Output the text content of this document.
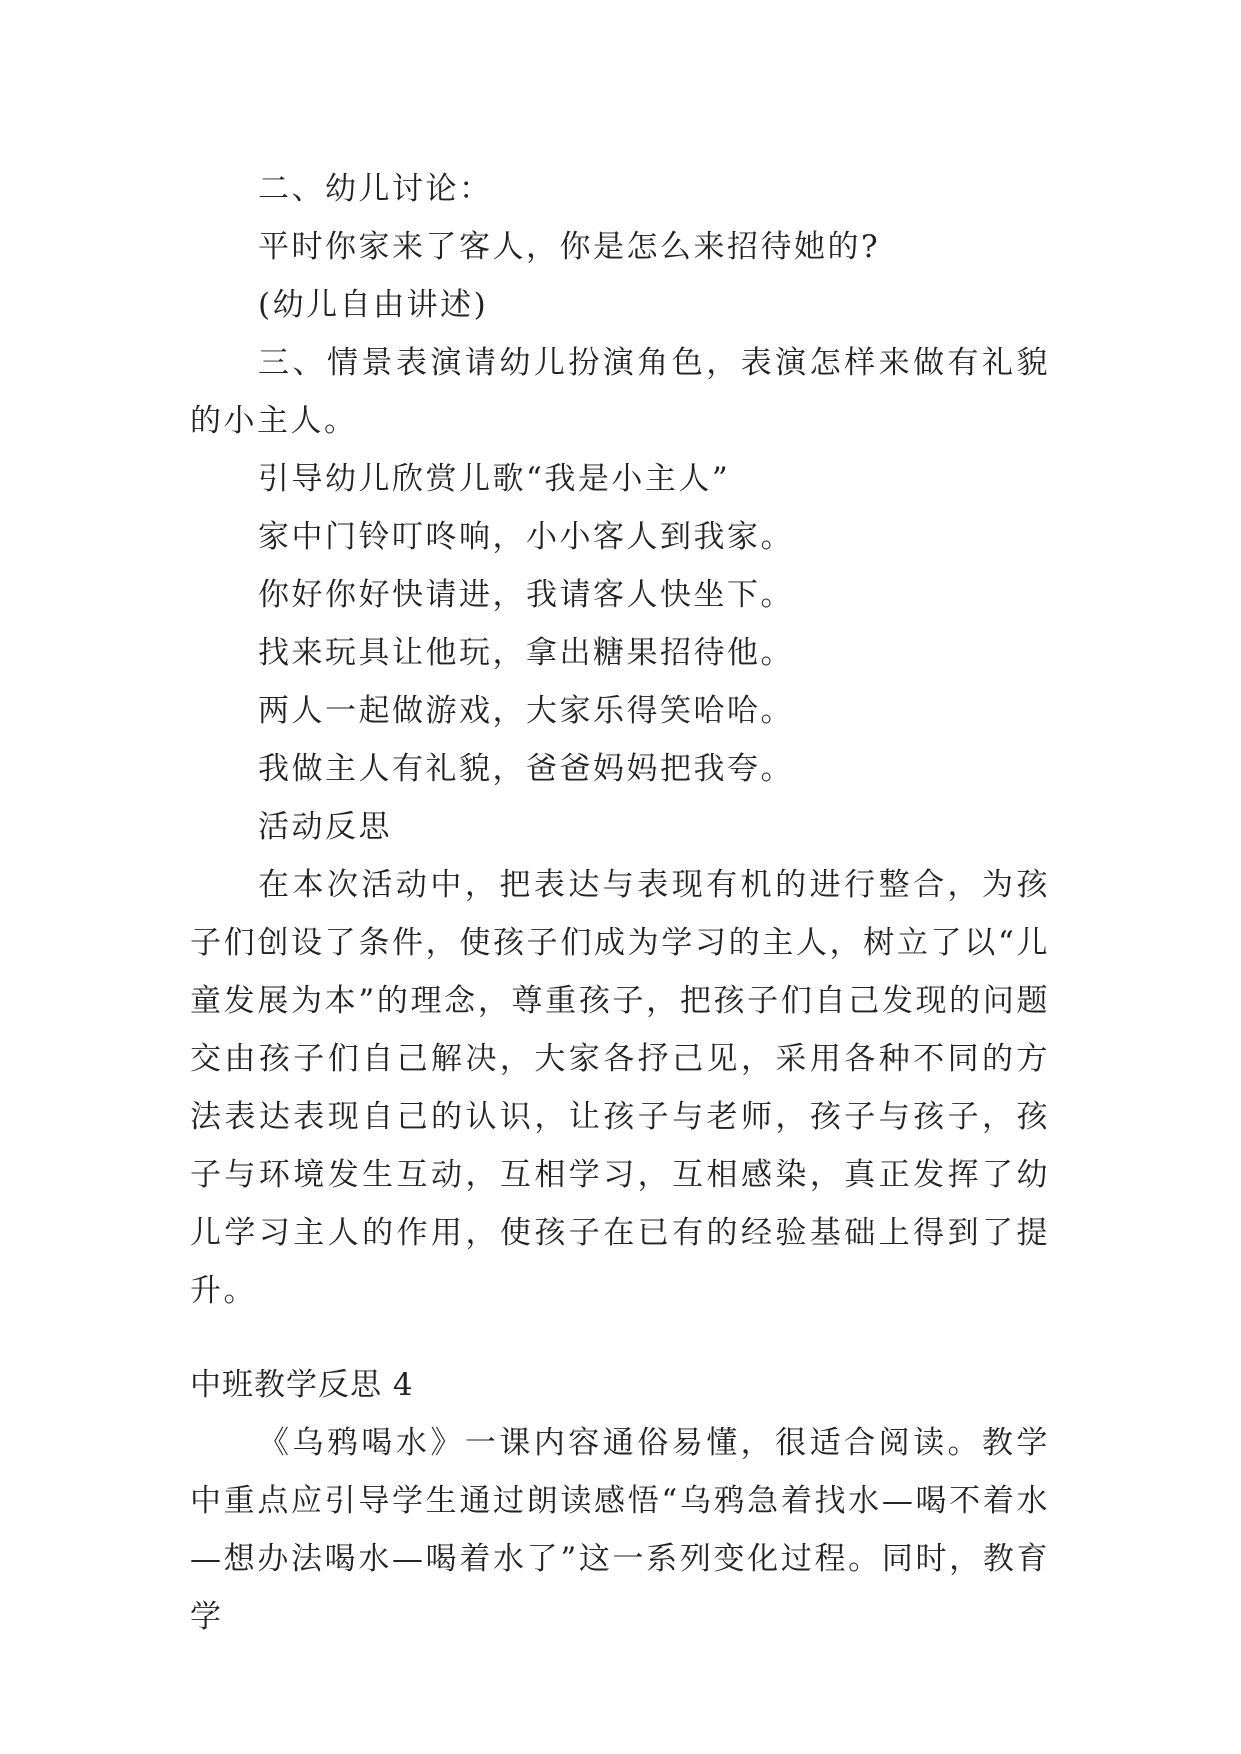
二、幼儿讨论：

平时你家来了客人，你是怎么来招待她的?

(幼儿自由讲述)

三、情景表演请幼儿扮演角色，表演怎样来做有礼貌的小主人。

引导幼儿欣赏儿歌“我是小主人”

家中门铃叮咚响，小小客人到我家。

你好你好快请进，我请客人快坐下。

找来玩具让他玩，拿出糖果招待他。

两人一起做游戏，大家乐得笑哈哈。

我做主人有礼貌，爸爸妈妈把我夸。

活动反思

在本次活动中，把表达与表现有机的进行整合，为孩子们创设了条件，使孩子们成为学习的主人，树立了以“儿童发展为本”的理念，尊重孩子，把孩子们自己发现的问题交由孩子们自己解决，大家各抒己见，采用各种不同的方法表达表现自己的认识，让孩子与老师，孩子与孩子，孩子与环境发生互动，互相学习，互相感染，真正发挥了幼儿学习主人的作用，使孩子在已有的经验基础上得到了提升。

中班教学反思 4

《乌鸦喝水》一课内容通俗易懂，很适合阅读。教学中重点应引导学生通过朗读感悟“乌鸦急着找水—喝不着水—想办法喝水—喝着水了”这一系列变化过程。同时，教育学
